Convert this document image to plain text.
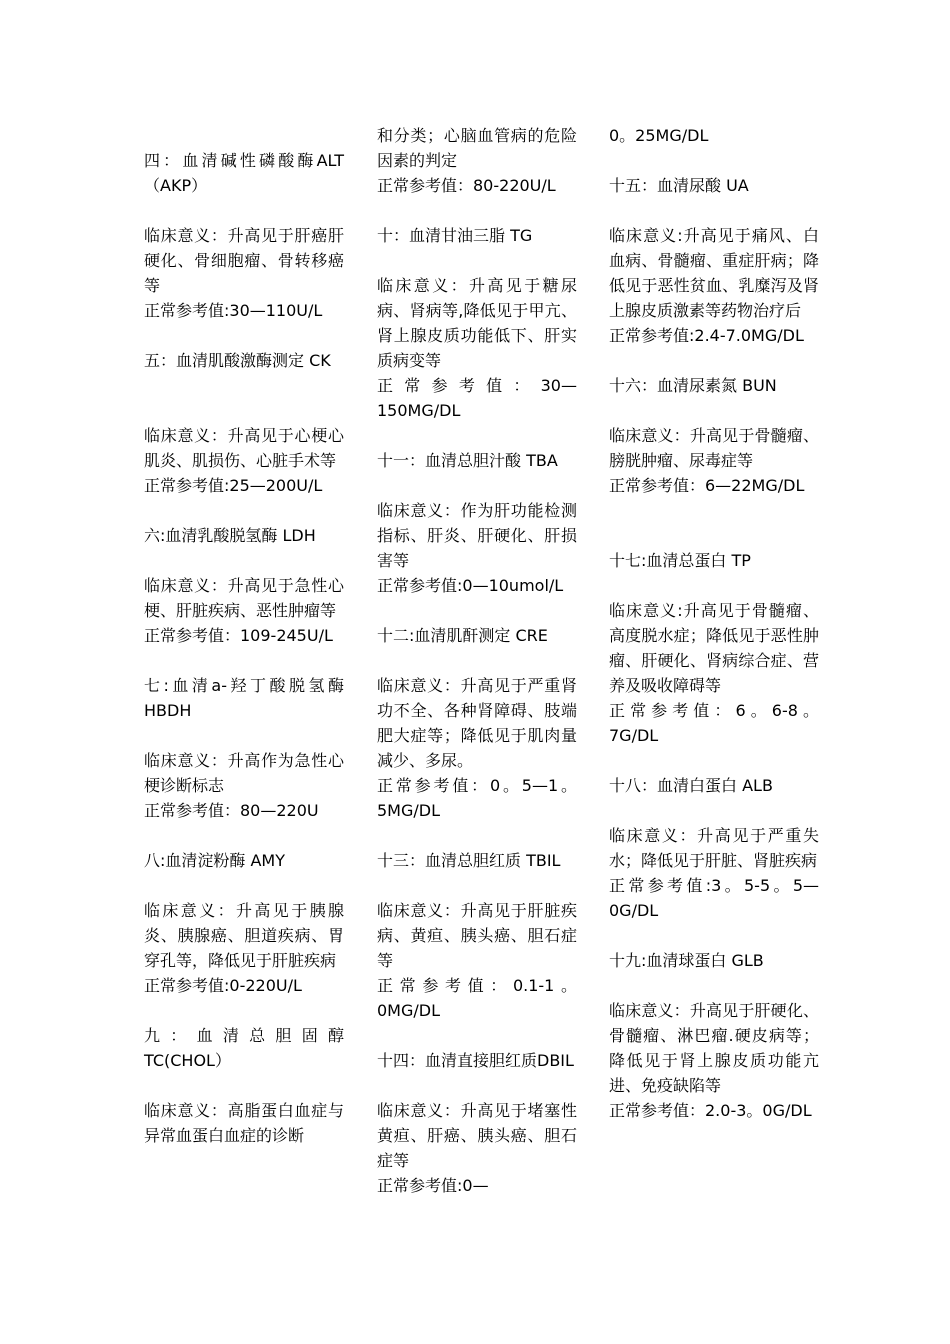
四：血清碱性磷酸酶ALT（AKP）

临床意义：升高见于肝癌肝硬化、骨细胞瘤、骨转移癌等

正常参考值:30—110U/L

五：血清肌酸激酶测定 CK

临床意义：升高见于心梗心肌炎、肌损伤、心脏手术等

正常参考值:25—200U/L

六:血清乳酸脱氢酶 LDH

临床意义：升高见于急性心梗、肝脏疾病、恶性肿瘤等

正常参考值：109-245U/L

七:血清a-羟丁酸脱氢酶 HBDH

临床意义：升高作为急性心梗诊断标志

正常参考值：80—220U

八:血清淀粉酶 AMY

临床意义：升高见于胰腺炎、胰腺癌、胆道疾病、胃穿孔等，降低见于肝脏疾病

正常参考值:0-220U/L

九：血清总胆固醇TC(CHOL）

临床意义：高脂蛋白血症与异常血蛋白血症的诊断

和分类；心脑血管病的危险因素的判定

正常参考值：80-220U/L

十：血清甘油三脂 TG

临床意义：升高见于糖尿病、肾病等,降低见于甲亢、肾上腺皮质功能低下、肝实质病变等

正常参考值：30—150MG/DL

十一：血清总胆汁酸 TBA

临床意义：作为肝功能检测指标、肝炎、肝硬化、肝损害等

正常参考值:0—10umol/L

十二:血清肌酐测定 CRE

临床意义：升高见于严重肾功不全、各种肾障碍、肢端肥大症等；降低见于肌肉量减少、多尿。

正常参考值：0。5—1。5MG/DL

十三：血清总胆红质 TBIL

临床意义：升高见于肝脏疾病、黄疸、胰头癌、胆石症等

正常参考值：0.1-1。0MG/DL

十四：血清直接胆红质DBIL

临床意义：升高见于堵塞性黄疸、肝癌、胰头癌、胆石症等

正常参考值:0—

0。25MG/DL

十五：血清尿酸 UA

临床意义:升高见于痛风、白血病、骨髓瘤、重症肝病；降低见于恶性贫血、乳糜泻及肾上腺皮质激素等药物治疗后

正常参考值:2.4-7.0MG/DL

十六：血清尿素氮 BUN

临床意义：升高见于骨髓瘤、膀胱肿瘤、尿毒症等

正常参考值：6—22MG/DL

十七:血清总蛋白 TP

临床意义:升高见于骨髓瘤、高度脱水症；降低见于恶性肿瘤、肝硬化、肾病综合症、营养及吸收障碍等

正常参考值：6。6-8。7G/DL

十八：血清白蛋白 ALB

临床意义：升高见于严重失水；降低见于肝脏、肾脏疾病

正常参考值:3。5-5。5—0G/DL

十九:血清球蛋白 GLB

临床意义：升高见于肝硬化、骨髓瘤、淋巴瘤.硬皮病等；降低见于肾上腺皮质功能亢进、免疫缺陷等

正常参考值：2.0-3。0G/DL
